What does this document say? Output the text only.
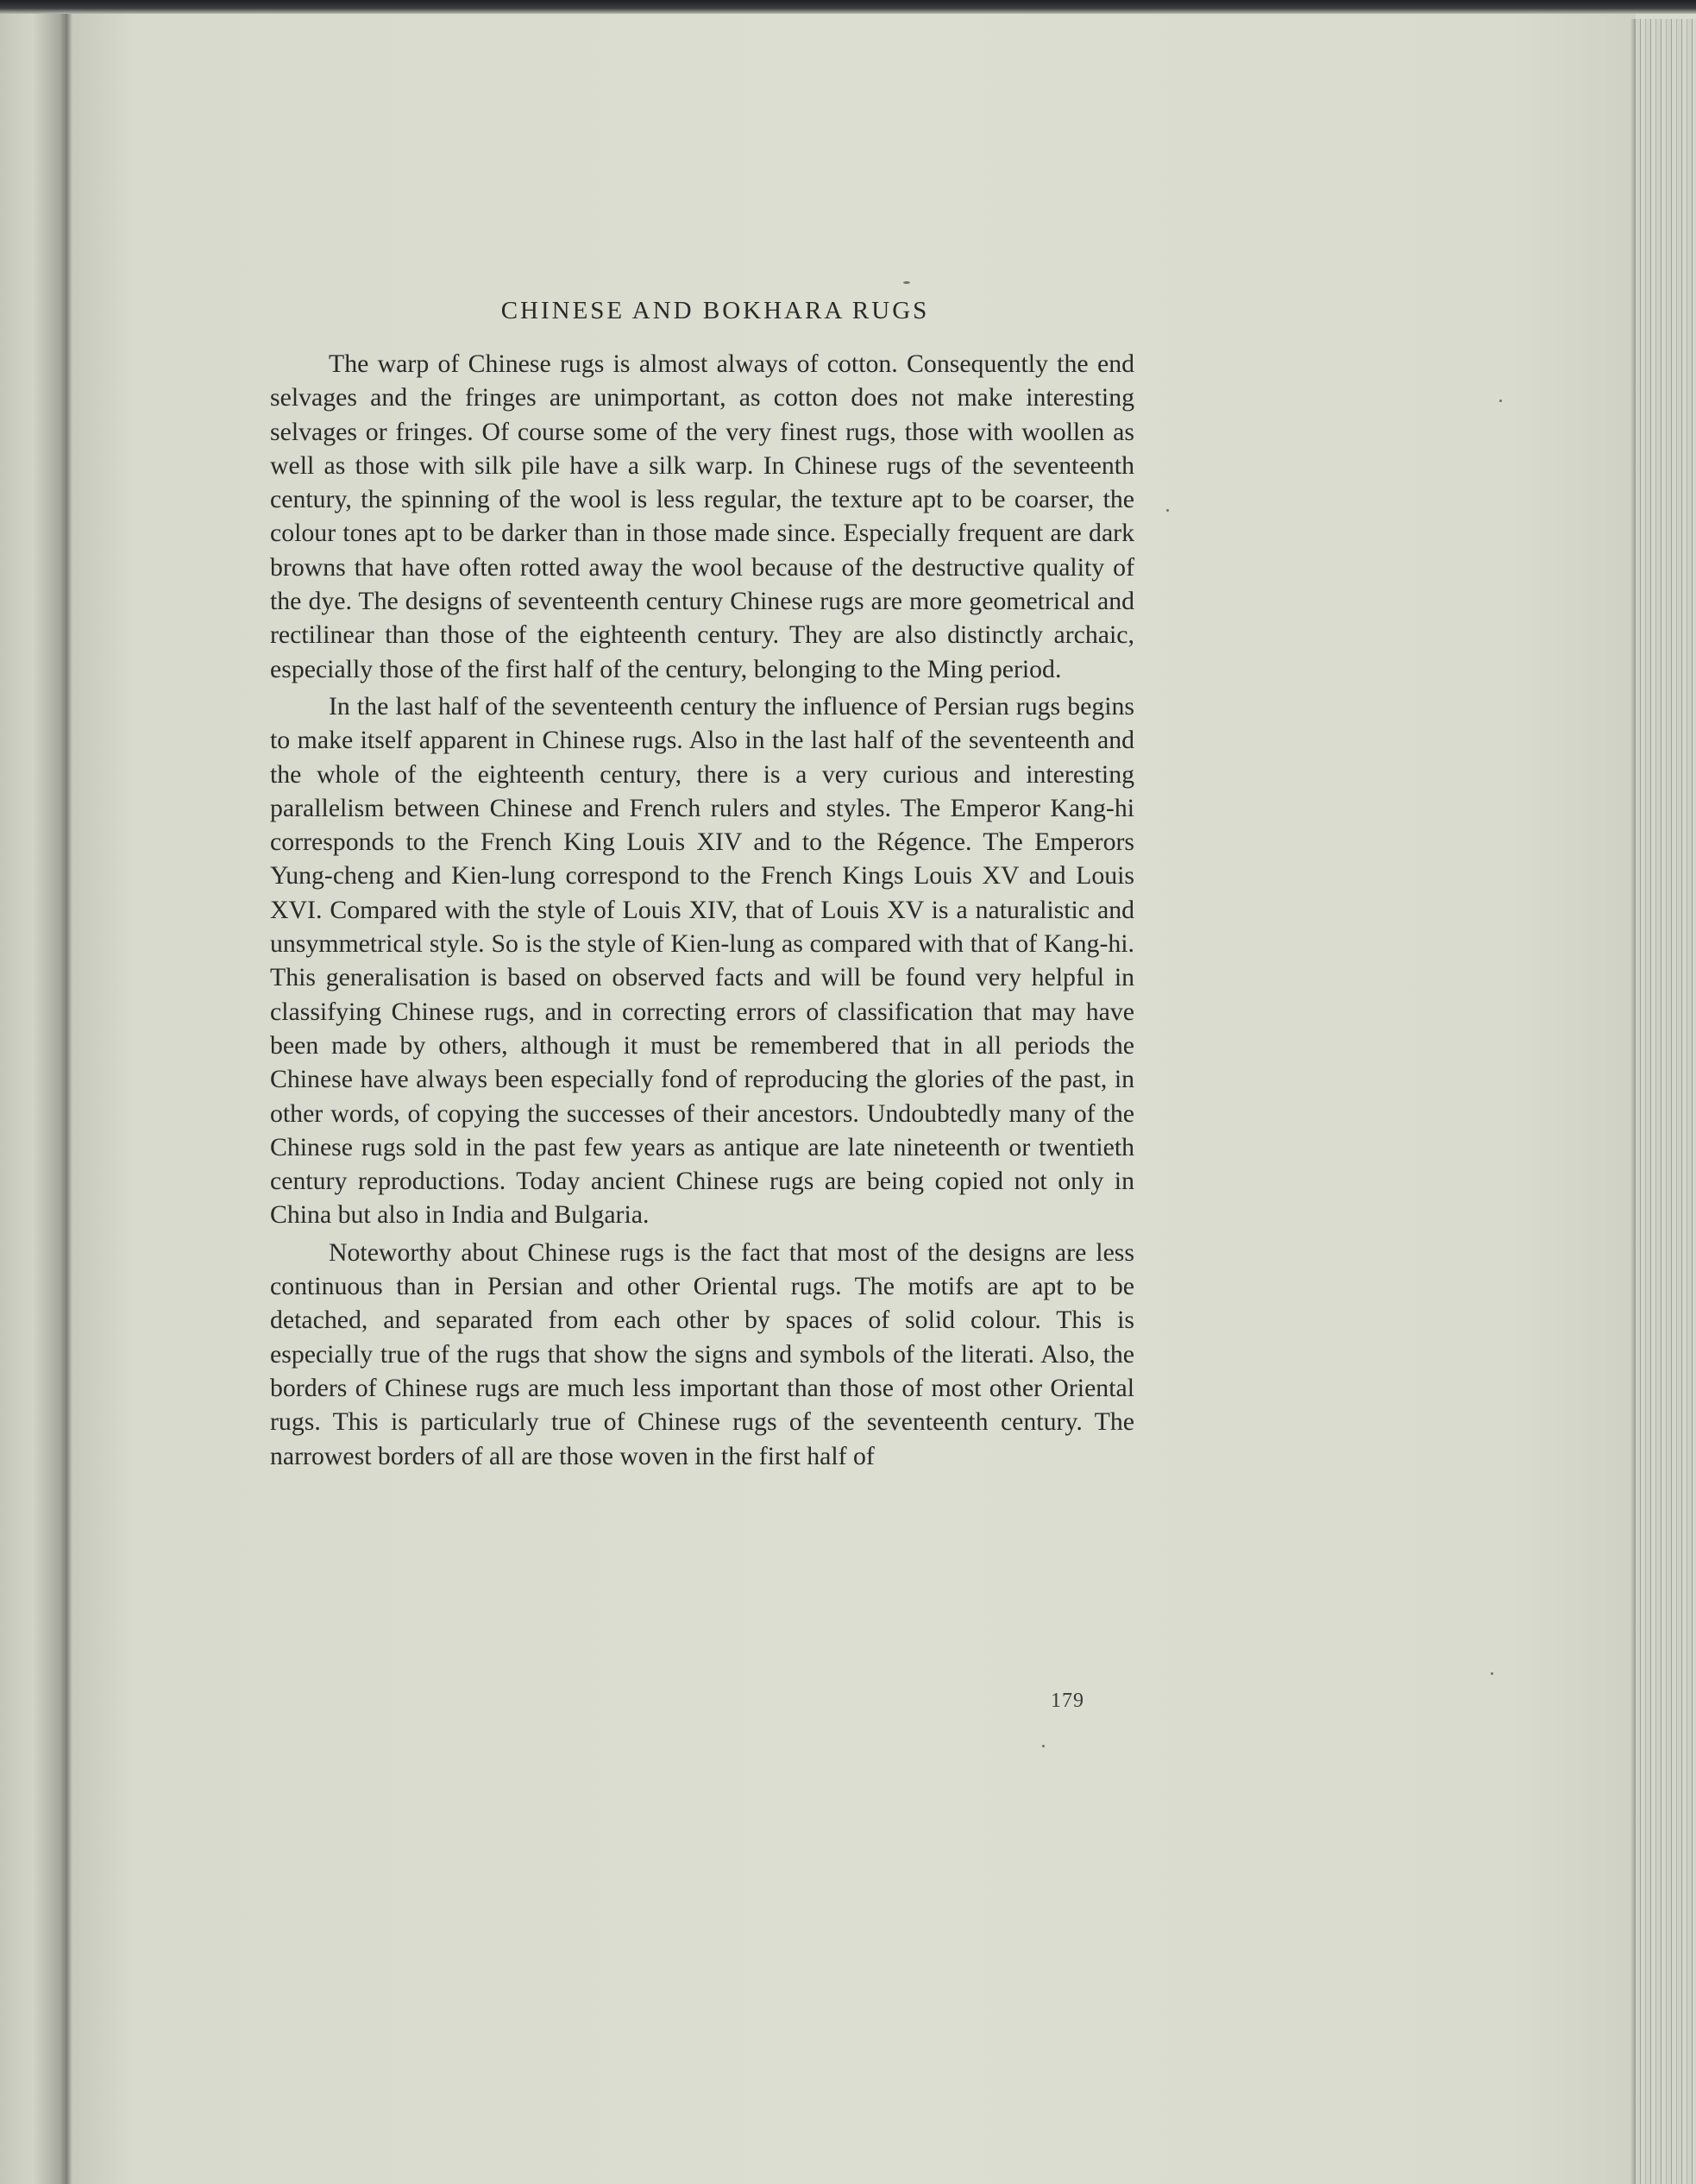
CHINESE AND BOKHARA RUGS

The warp of Chinese rugs is almost always of cotton. Consequently the end selvages and the fringes are unimportant, as cotton does not make interesting selvages or fringes. Of course some of the very finest rugs, those with woollen as well as those with silk pile have a silk warp. In Chinese rugs of the seventeenth century, the spinning of the wool is less regular, the texture apt to be coarser, the colour tones apt to be darker than in those made since. Especially frequent are dark browns that have often rotted away the wool because of the destructive quality of the dye. The designs of seventeenth century Chinese rugs are more geometrical and rectilinear than those of the eighteenth century. They are also distinctly archaic, especially those of the first half of the century, belonging to the Ming period.

In the last half of the seventeenth century the influence of Persian rugs begins to make itself apparent in Chinese rugs. Also in the last half of the seventeenth and the whole of the eighteenth century, there is a very curious and interesting parallelism between Chinese and French rulers and styles. The Emperor Kang-hi corresponds to the French King Louis XIV and to the Régence. The Emperors Yung-cheng and Kien-lung correspond to the French Kings Louis XV and Louis XVI. Compared with the style of Louis XIV, that of Louis XV is a naturalistic and unsymmetrical style. So is the style of Kien-lung as compared with that of Kang-hi. This generalisation is based on observed facts and will be found very helpful in classifying Chinese rugs, and in correcting errors of classification that may have been made by others, although it must be remembered that in all periods the Chinese have always been especially fond of reproducing the glories of the past, in other words, of copying the successes of their ancestors. Undoubtedly many of the Chinese rugs sold in the past few years as antique are late nineteenth or twentieth century reproductions. Today ancient Chinese rugs are being copied not only in China but also in India and Bulgaria.

Noteworthy about Chinese rugs is the fact that most of the designs are less continuous than in Persian and other Oriental rugs. The motifs are apt to be detached, and separated from each other by spaces of solid colour. This is especially true of the rugs that show the signs and symbols of the literati. Also, the borders of Chinese rugs are much less important than those of most other Oriental rugs. This is particularly true of Chinese rugs of the seventeenth century. The narrowest borders of all are those woven in the first half of

179
